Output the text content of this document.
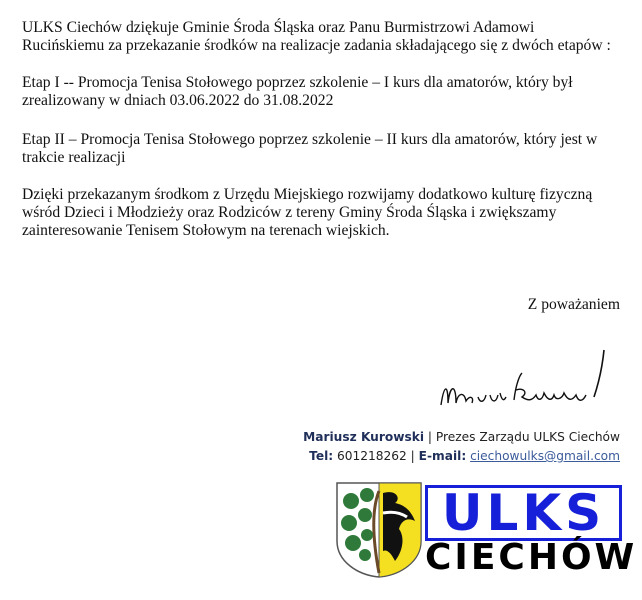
ULKS Ciechów dziękuje Gminie Środa Śląska oraz Panu Burmistrzowi Adamowi
Rucińskiemu za przekazanie środków na realizacje zadania składającego się z dwóch etapów :

Etap I -- Promocja Tenisa Stołowego poprzez szkolenie – I kurs dla amatorów, który był
zrealizowany w dniach 03.06.2022 do 31.08.2022

Etap II – Promocja Tenisa Stołowego poprzez szkolenie – II kurs dla amatorów, który jest w
trakcie realizacji

Dzięki przekazanym środkom z Urzędu Miejskiego rozwijamy dodatkowo kulturę fizyczną
wśród Dzieci i Młodzieży oraz Rodziców z tereny Gminy Środa Śląska i zwiększamy
zainteresowanie Tenisem Stołowym na terenach wiejskich.

Z poważaniem
Mariusz Kurowski | Prezes Zarządu ULKS Ciechów
Tel: 601218262 | E-mail: ciechowulks@gmail.com
ULKS
CIECHÓW
